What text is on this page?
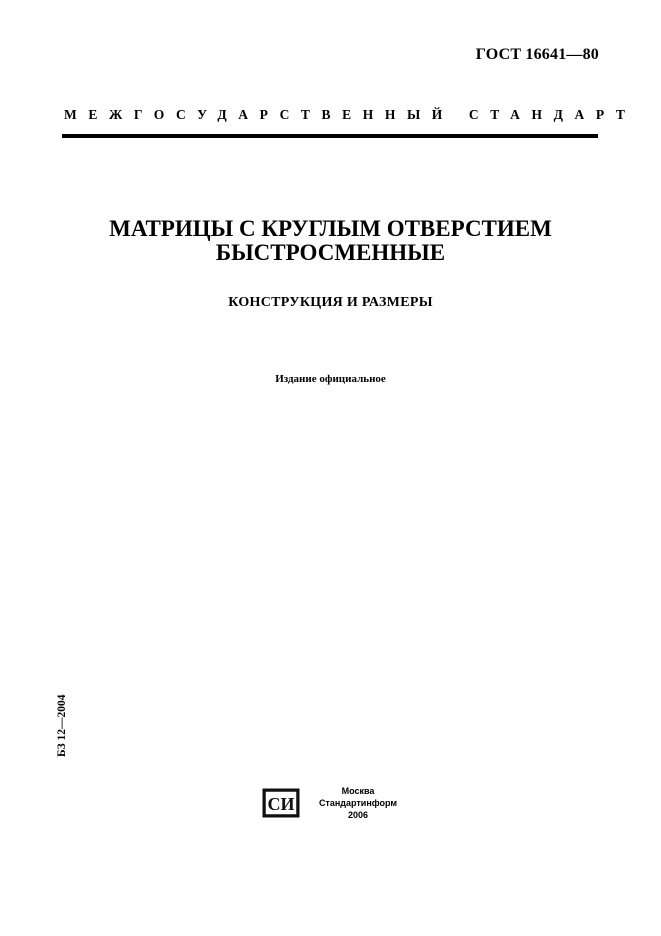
ГОСТ 16641—80
МЕЖГОСУДАРСТВЕННЫЙ СТАНДАРТ
МАТРИЦЫ С КРУГЛЫМ ОТВЕРСТИЕМ
БЫСТРОСМЕННЫЕ
КОНСТРУКЦИЯ И РАЗМЕРЫ
Издание официальное
БЗ 12—2004
СИ
Москва
Стандартинформ
2006
